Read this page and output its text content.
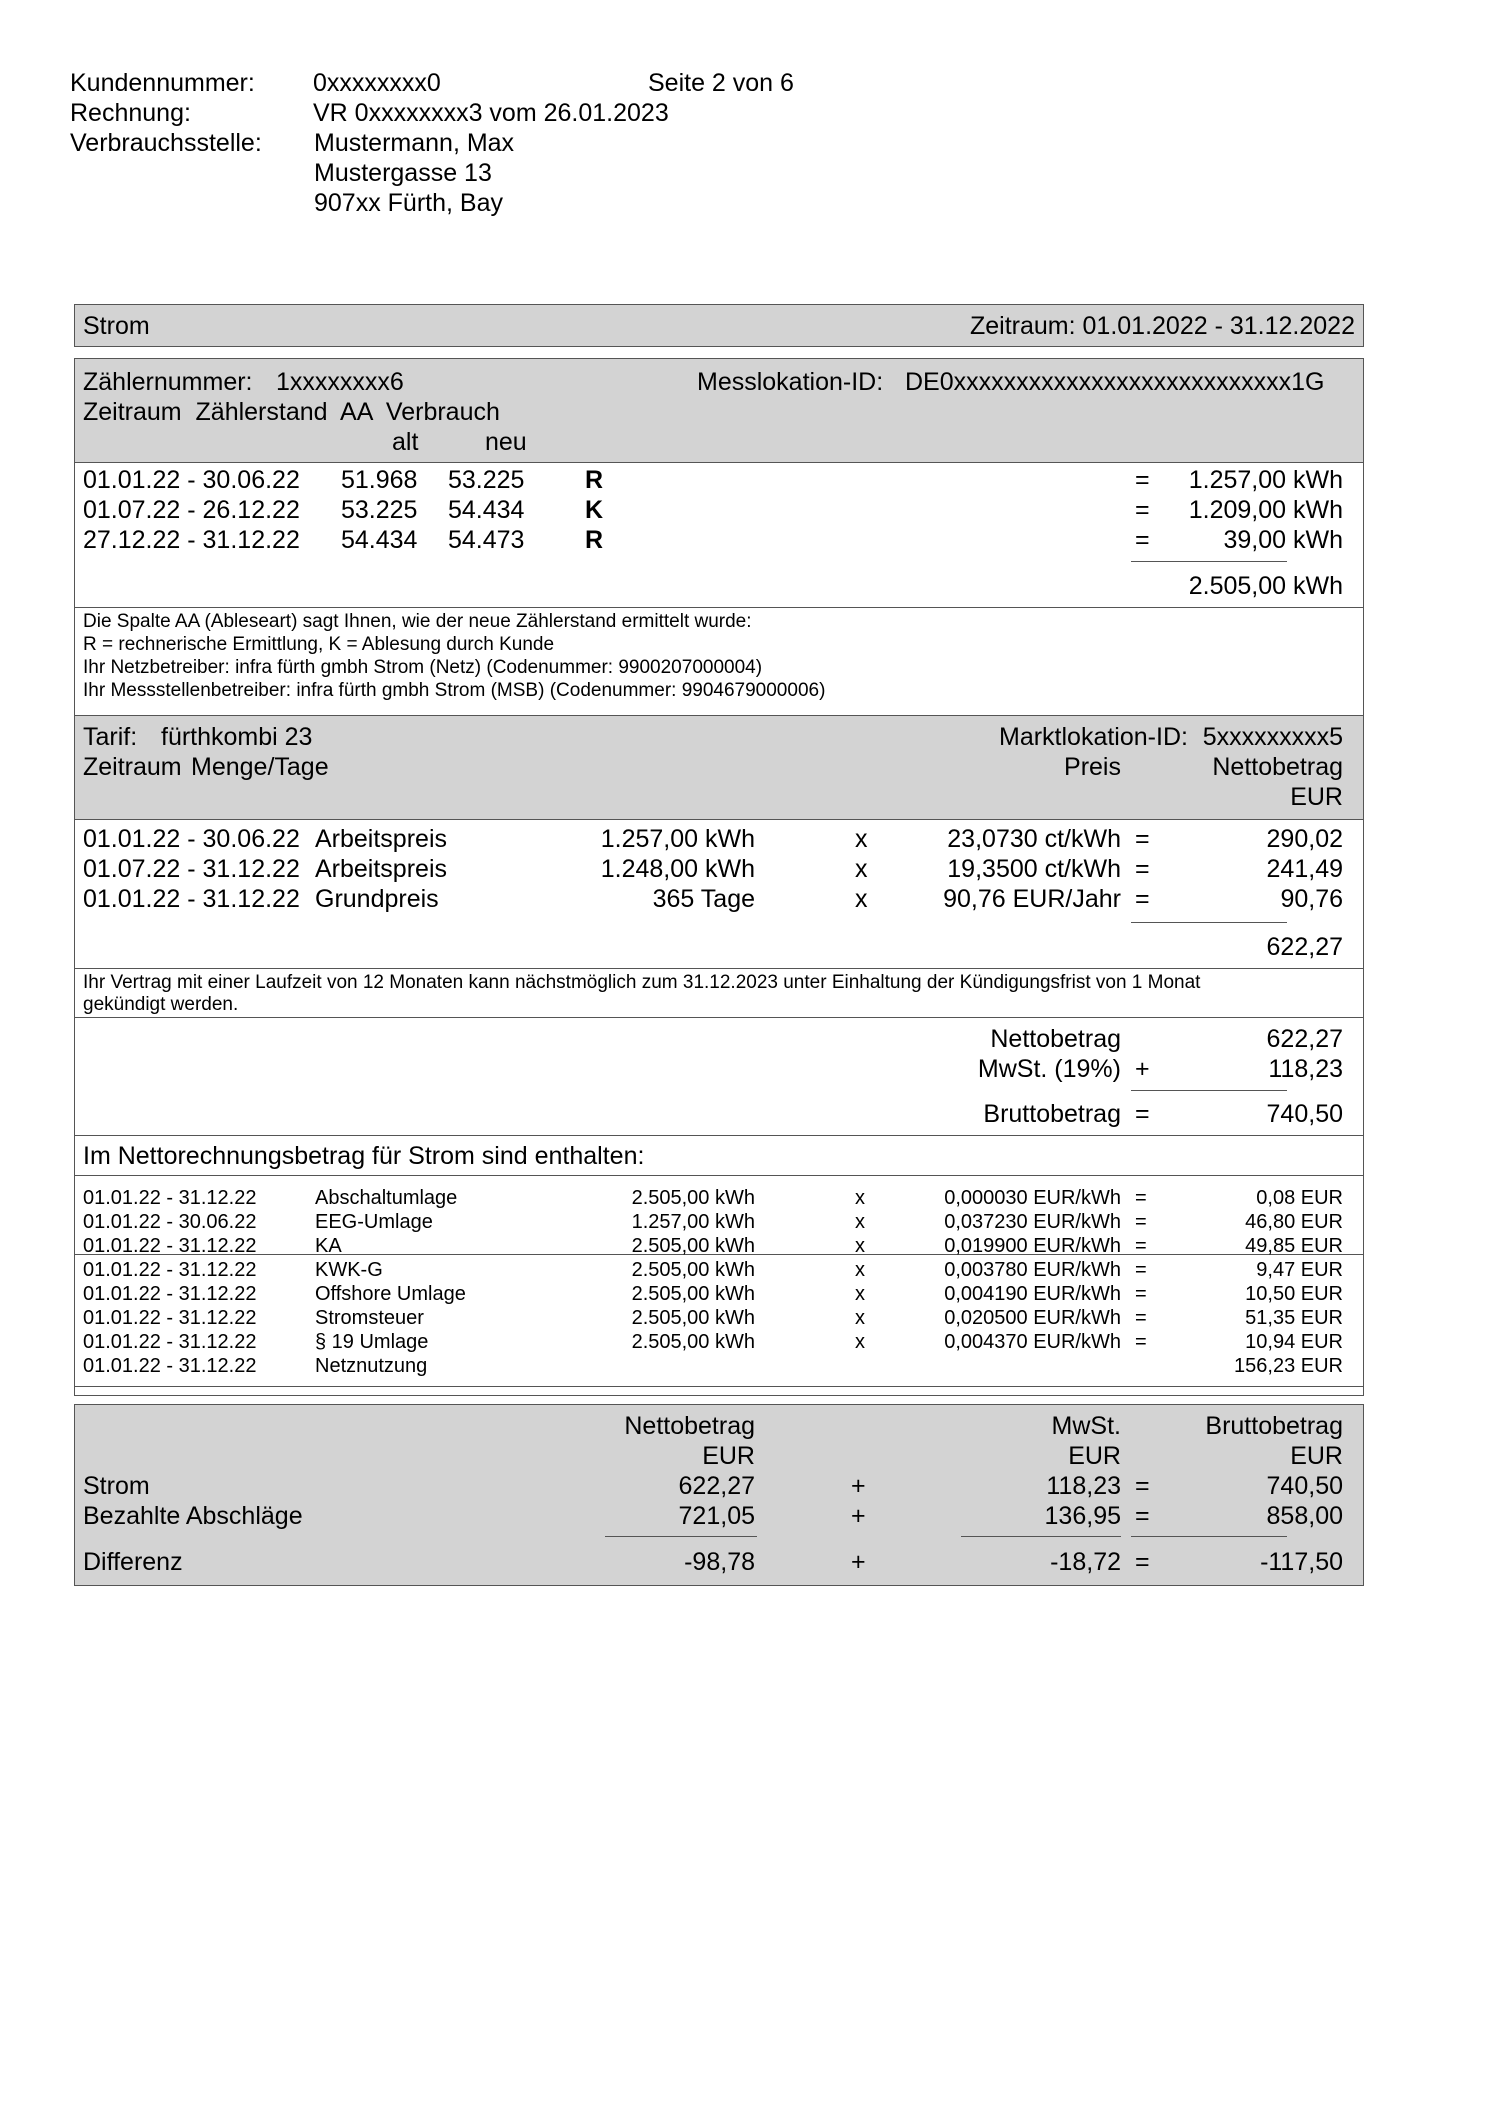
Kundennummer: 0xxxxxxxx0	Seite 2 von 6
Rechnung:	VR 0xxxxxxxx3 vom 26.01.2023
Verbrauchsstelle: Mustermann, Max
Mustergasse 13
907xx Fürth, Bay
Strom	Zeitraum: 01.01.2022 - 31.12.2022
Zählernummer: 1xxxxxxxx6	Messlokation-ID: DE0xxxxxxxxxxxxxxxxxxxxxxxxxxx1G
Zeitraum  Zählerstand  AA  Verbrauch
alt	neu
01.01.22 - 30.06.22 51.968 53.225 R	= 1.257,00 kWh
01.07.22 - 26.12.22 53.225 54.434 K	= 1.209,00 kWh
27.12.22 - 31.12.22 54.434 54.473 R	=	39,00 kWh
2.505,00 kWh
Die Spalte AA (Ableseart) sagt Ihnen, wie der neue Zählerstand ermittelt wurde:
R = rechnerische Ermittlung, K = Ablesung durch Kunde
Ihr Netzbetreiber: infra fürth gmbh Strom (Netz) (Codenummer: 9900207000004)
Ihr Messstellenbetreiber: infra fürth gmbh Strom (MSB) (Codenummer: 9904679000006)
Tarif: fürthkombi 23	Marktlokation-ID: 5xxxxxxxxx5
Zeitraum Menge/Tage	Preis	Nettobetrag
EUR
01.01.22 - 30.06.22 Arbeitspreis	1.257,00 kWh	x	23,0730 ct/kWh =	290,02
01.07.22 - 31.12.22 Arbeitspreis	1.248,00 kWh	x	19,3500 ct/kWh =	241,49
01.01.22 - 31.12.22 Grundpreis	365 Tage	x	90,76 EUR/Jahr =	90,76
622,27
Ihr Vertrag mit einer Laufzeit von 12 Monaten kann nächstmöglich zum 31.12.2023 unter Einhaltung der Kündigungsfrist von 1 Monat
gekündigt werden.
Nettobetrag	622,27
MwSt. (19%) +	118,23
Bruttobetrag =	740,50
Im Nettorechnungsbetrag für Strom sind enthalten:
01.01.22 - 31.12.22	Abschaltumlage	2.505,00 kWh	x	0,000030 EUR/kWh =	0,08 EUR
01.01.22 - 30.06.22	EEG-Umlage	1.257,00 kWh	x	0,037230 EUR/kWh =	46,80 EUR
01.01.22 - 31.12.22	KA	2.505,00 kWh	x	0,019900 EUR/kWh =	49,85 EUR
01.01.22 - 31.12.22	KWK-G	2.505,00 kWh	x	0,003780 EUR/kWh =	9,47 EUR
01.01.22 - 31.12.22	Offshore Umlage	2.505,00 kWh	x	0,004190 EUR/kWh =	10,50 EUR
01.01.22 - 31.12.22	Stromsteuer	2.505,00 kWh	x	0,020500 EUR/kWh =	51,35 EUR
01.01.22 - 31.12.22	§ 19 Umlage	2.505,00 kWh	x	0,004370 EUR/kWh =	10,94 EUR
01.01.22 - 31.12.22	Netznutzung	156,23 EUR
Nettobetrag	MwSt.	Bruttobetrag
EUR	EUR	EUR
Strom	622,27	+	118,23 =	740,50
Bezahlte Abschläge	721,05	+	136,95 =	858,00
Differenz	-98,78	+	-18,72 =	-117,50
